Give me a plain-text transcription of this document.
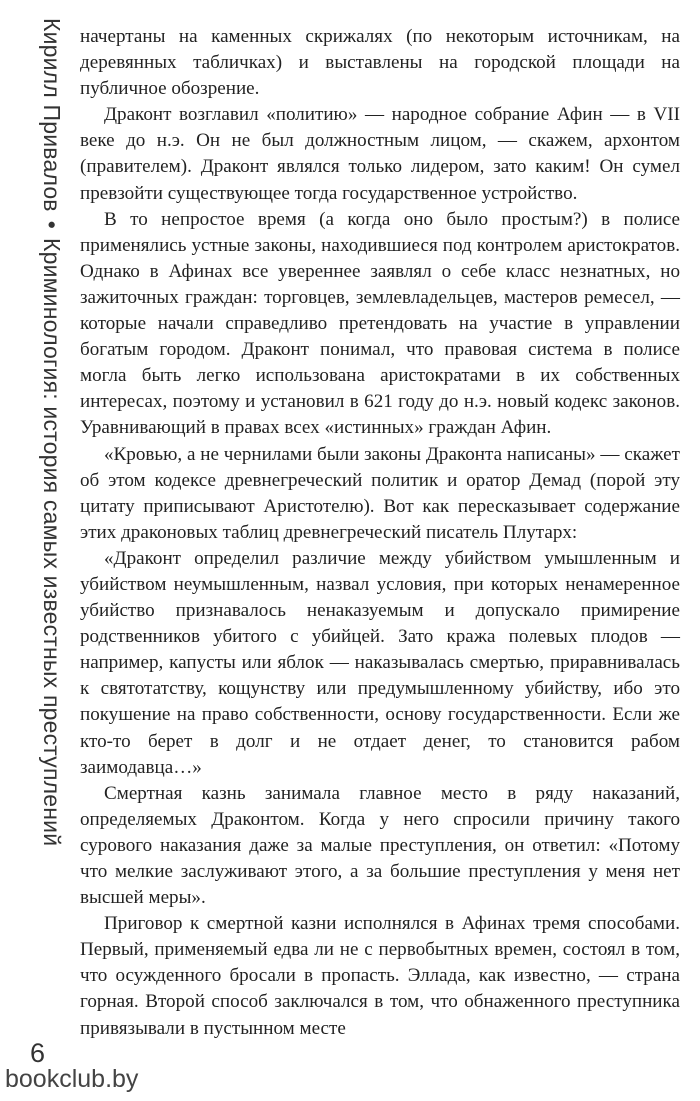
Кирилл Привалов•Криминология: история самых известных преступлений

начертаны на каменных скрижалях (по некоторым источникам, на деревянных табличках) и выставлены на городской площади на публичное обозрение.

Драконт возглавил «политию» — народное собрание Афин — в VII веке до н.э. Он не был должностным лицом, — скажем, архонтом (правителем). Драконт являлся только лидером, зато каким! Он сумел превзойти существующее тогда государственное устройство.

В то непростое время (а когда оно было простым?) в полисе применялись устные законы, находившиеся под контролем аристократов. Однако в Афинах все увереннее заявлял о себе класс незнатных, но зажиточных граждан: торговцев, землевладельцев, мастеров ремесел, — которые начали справедливо претендовать на участие в управлении богатым городом. Драконт понимал, что правовая система в полисе могла быть легко использована аристократами в их собственных интересах, поэтому и установил в 621 году до н.э. новый кодекс законов. Уравнивающий в правах всех «истинных» граждан Афин.

«Кровью, а не чернилами были законы Драконта написаны» — скажет об этом кодексе древнегреческий политик и оратор Демад (порой эту цитату приписывают Аристотелю). Вот как пересказывает содержание этих драконовых таблиц древнегреческий писатель Плутарх:

«Драконт определил различие между убийством умышленным и убийством неумышленным, назвал условия, при которых ненамеренное убийство признавалось ненаказуемым и допускало примирение родственников убитого с убийцей. Зато кража полевых плодов — например, капусты или яблок — наказывалась смертью, приравнивалась к святотатству, кощунству или предумышленному убийству, ибо это покушение на право собственности, основу государственности. Если же кто-то берет в долг и не отдает денег, то становится рабом заимодавца…»

Смертная казнь занимала главное место в ряду наказаний, определяемых Драконтом. Когда у него спросили причину такого сурового наказания даже за малые преступления, он ответил: «Потому что мелкие заслуживают этого, а за большие преступления у меня нет высшей меры».

Приговор к смертной казни исполнялся в Афинах тремя способами. Первый, применяемый едва ли не с первобытных времен, состоял в том, что осужденного бросали в пропасть. Эллада, как известно, — страна горная. Второй способ заключался в том, что обнаженного преступника привязывали в пустынном месте

6
bookclub.by
